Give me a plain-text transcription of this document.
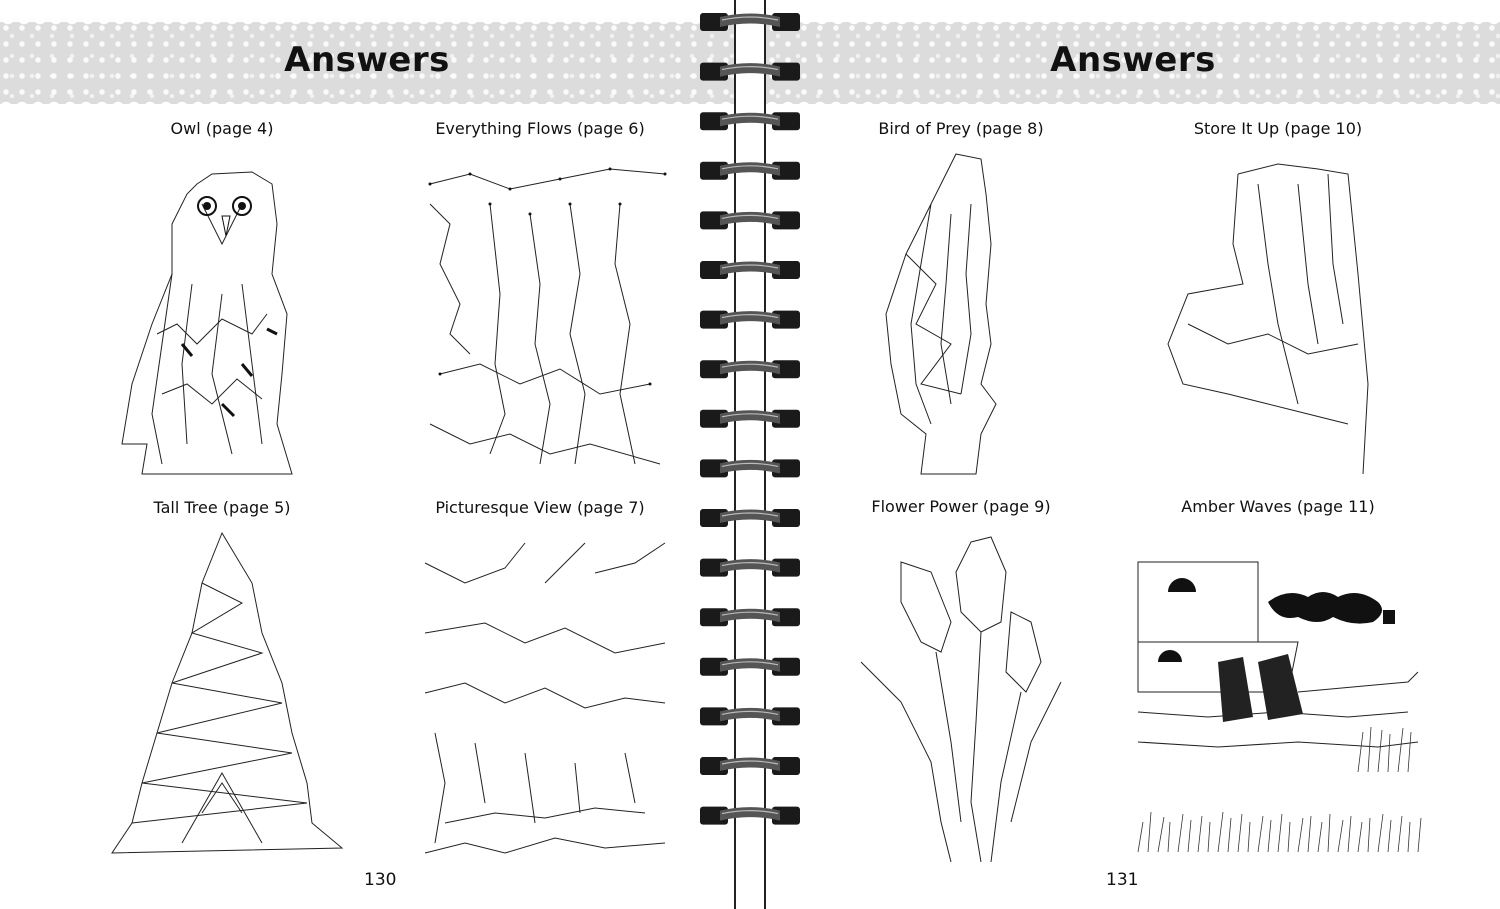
Answers
Owl (page 4)	Everything Flows (page 6)
Tall Tree (page 5)	Picturesque View (page 7)
130
Answers
Bird of Prey (page 8)	Store It Up (page 10)
Flower Power (page 9)	Amber Waves (page 11)
131
